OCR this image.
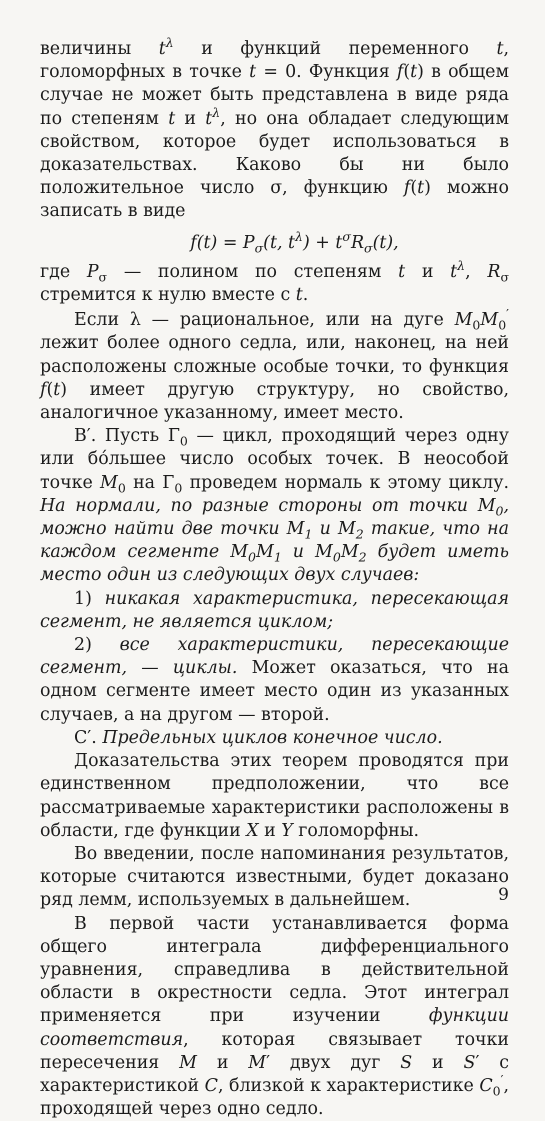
величины $t^\lambda$ и функций переменного t, голоморфных в точке t = 0. Функция f(t) в общем случае не может быть представлена в виде ряда по степеням t и $t^\lambda$, но она обладает следующим свойством, которое будет использоваться в доказательствах. Каково бы ни было положительное число σ, функцию f(t) можно записать в виде

$f(t) = P_\sigma(t$, $t^\lambda) + t^\sigma R_\sigma(t)$,

где $P_\sigma$ — полином по степеням t и $t^\lambda$, $R_\sigma$ стремится к нулю вместе с t.

Если λ — рациональное, или на дуге $M_0M_0'$ лежит более одного седла, или, наконец, на ней расположены сложные особые точки, то функция f(t) имеет другую структуру, но свойство, аналогичное указанному, имеет место.

B′. Пусть $\Gamma_0$ — цикл, проходящий через одну или бóльшее число особых точек. В неособой точке $M_0$ на $\Gamma_0$ проведем нормаль к этому циклу. На нормали, по разные стороны от точки $M_0$, можно найти две точки $M_1$ и $M_2$ такие, что на каждом сегменте $M_0M_1$ и $M_0M_2$ будет иметь место один из следующих двух случаев:

1) никакая характеристика, пересекающая сегмент, не является циклом;

2) все характеристики, пересекающие сегмент, — циклы. Может оказаться, что на одном сегменте имеет место один из указанных случаев, а на другом — второй.

C′. Предельных циклов конечное число.

Доказательства этих теорем проводятся при единственном предположении, что все рассматриваемые характеристики расположены в области, где функции X и Y голоморфны.

Во введении, после напоминания результатов, которые считаются известными, будет доказано ряд лемм, используемых в дальнейшем.

В первой части устанавливается форма общего интеграла дифференциального уравнения, справедлива в действительной области в окрестности седла. Этот интеграл применяется при изучении функции соответствия, которая связывает точки пересечения M и M′ двух дуг S и S′ с характеристикой C, близкой к характеристике $C_0'$, проходящей через одно седло.

9
